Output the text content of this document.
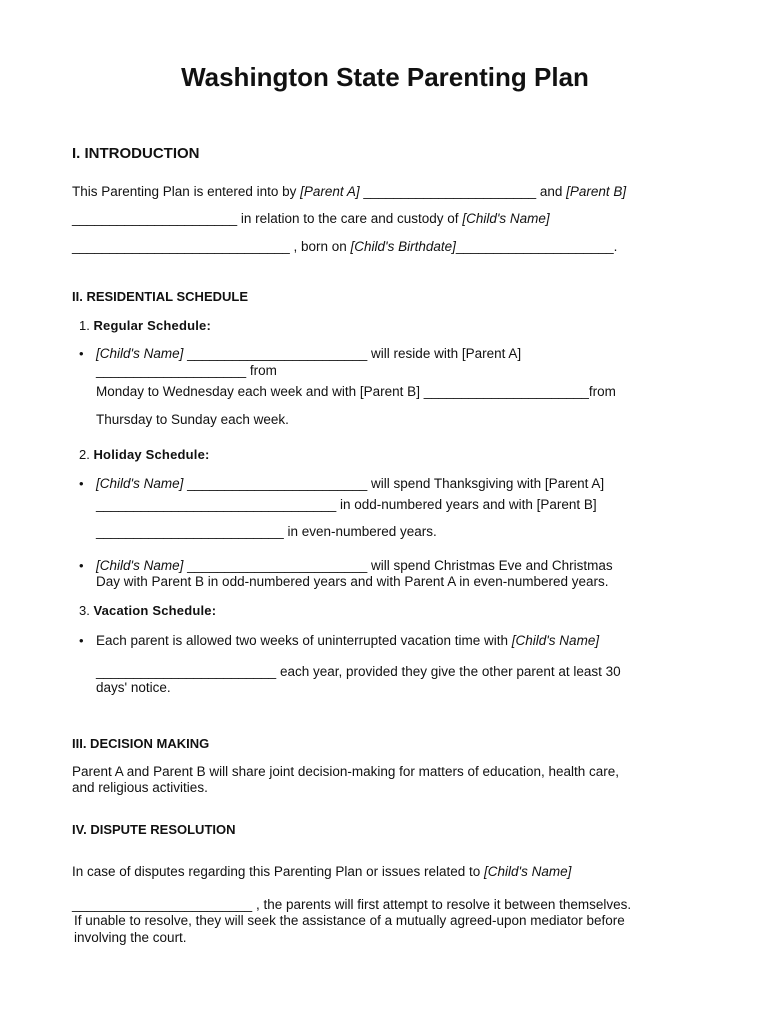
Washington State Parenting Plan
I. INTRODUCTION
This Parenting Plan is entered into by [Parent A] _______________________ and [Parent B]
______________________ in relation to the care and custody of [Child's Name]
_____________________________ , born on [Child's Birthdate]_____________________.
II. RESIDENTIAL SCHEDULE
1. Regular Schedule:
• [Child's Name] ________________________ will reside with [Parent A]
____________________ from
Monday to Wednesday each week and with [Parent B] ______________________from
Thursday to Sunday each week.
2. Holiday Schedule:
• [Child's Name] ________________________ will spend Thanksgiving with [Parent A]
________________________________ in odd-numbered years and with [Parent B]
_________________________ in even-numbered years.
• [Child's Name] ________________________ will spend Christmas Eve and Christmas
Day with Parent B in odd-numbered years and with Parent A in even-numbered years.
3. Vacation Schedule:
• Each parent is allowed two weeks of uninterrupted vacation time with [Child's Name]
________________________ each year, provided they give the other parent at least 30
days' notice.
III. DECISION MAKING
Parent A and Parent B will share joint decision-making for matters of education, health care,
and religious activities.
IV. DISPUTE RESOLUTION
In case of disputes regarding this Parenting Plan or issues related to [Child's Name]
________________________ , the parents will first attempt to resolve it between themselves.
If unable to resolve, they will seek the assistance of a mutually agreed-upon mediator before
involving the court.
